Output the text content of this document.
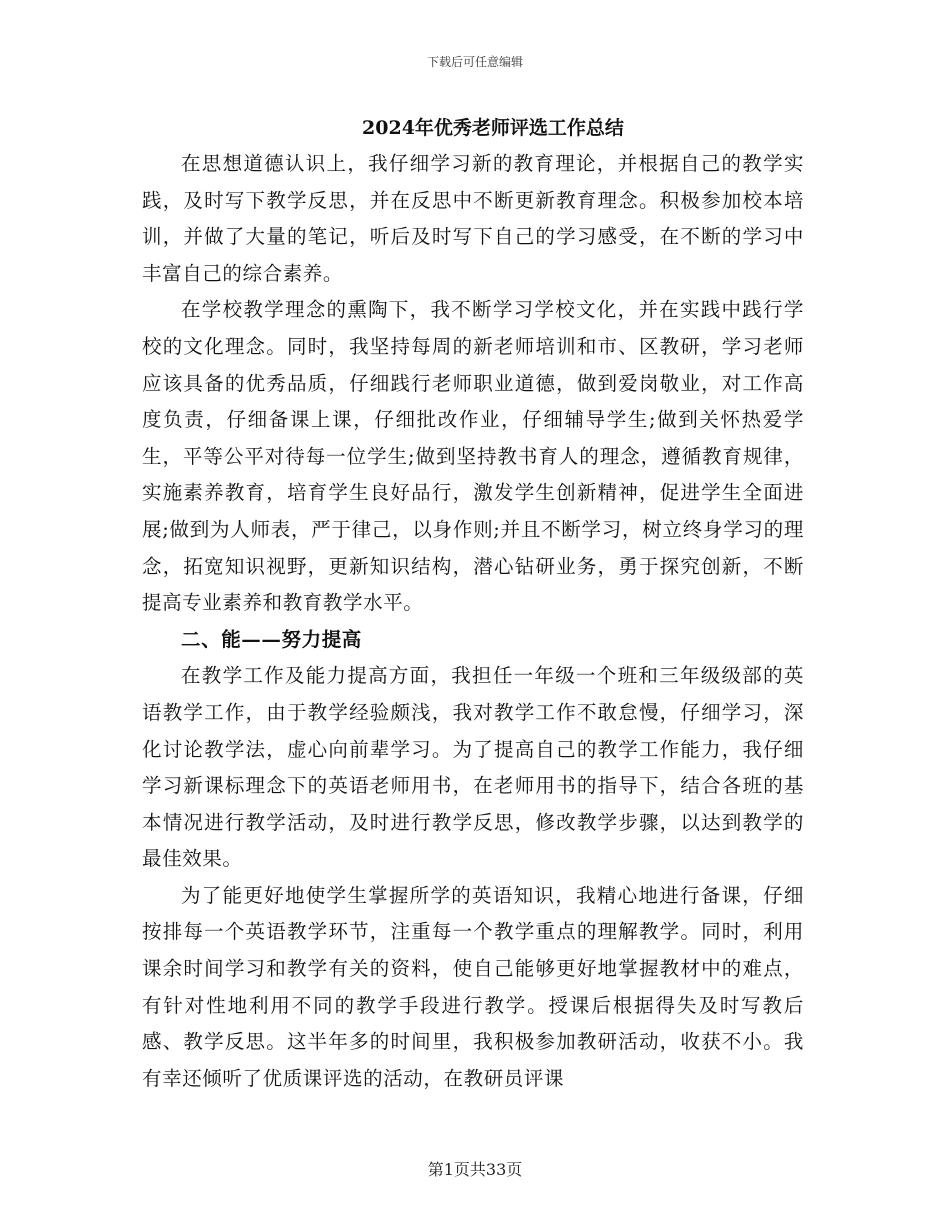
下载后可任意编辑
2024年优秀老师评选工作总结

在思想道德认识上，我仔细学习新的教育理论，并根据自己的教学实践，及时写下教学反思，并在反思中不断更新教育理念。积极参加校本培训，并做了大量的笔记，听后及时写下自己的学习感受，在不断的学习中丰富自己的综合素养。

在学校教学理念的熏陶下，我不断学习学校文化，并在实践中践行学校的文化理念。同时，我坚持每周的新老师培训和市、区教研，学习老师应该具备的优秀品质，仔细践行老师职业道德，做到爱岗敬业，对工作高度负责，仔细备课上课，仔细批改作业，仔细辅导学生;做到关怀热爱学生，平等公平对待每一位学生;做到坚持教书育人的理念，遵循教育规律，实施素养教育，培育学生良好品行，激发学生创新精神，促进学生全面进展;做到为人师表，严于律己，以身作则;并且不断学习，树立终身学习的理念，拓宽知识视野，更新知识结构，潜心钻研业务，勇于探究创新，不断提高专业素养和教育教学水平。

二、能——努力提高

在教学工作及能力提高方面，我担任一年级一个班和三年级级部的英语教学工作，由于教学经验颇浅，我对教学工作不敢怠慢，仔细学习，深化讨论教学法，虚心向前辈学习。为了提高自己的教学工作能力，我仔细学习新课标理念下的英语老师用书，在老师用书的指导下，结合各班的基本情况进行教学活动，及时进行教学反思，修改教学步骤，以达到教学的最佳效果。

为了能更好地使学生掌握所学的英语知识，我精心地进行备课，仔细按排每一个英语教学环节，注重每一个教学重点的理解教学。同时，利用课余时间学习和教学有关的资料，使自己能够更好地掌握教材中的难点，有针对性地利用不同的教学手段进行教学。授课后根据得失及时写教后感、教学反思。这半年多的时间里，我积极参加教研活动，收获不小。我有幸还倾听了优质课评选的活动，在教研员评课

第1页共33页
